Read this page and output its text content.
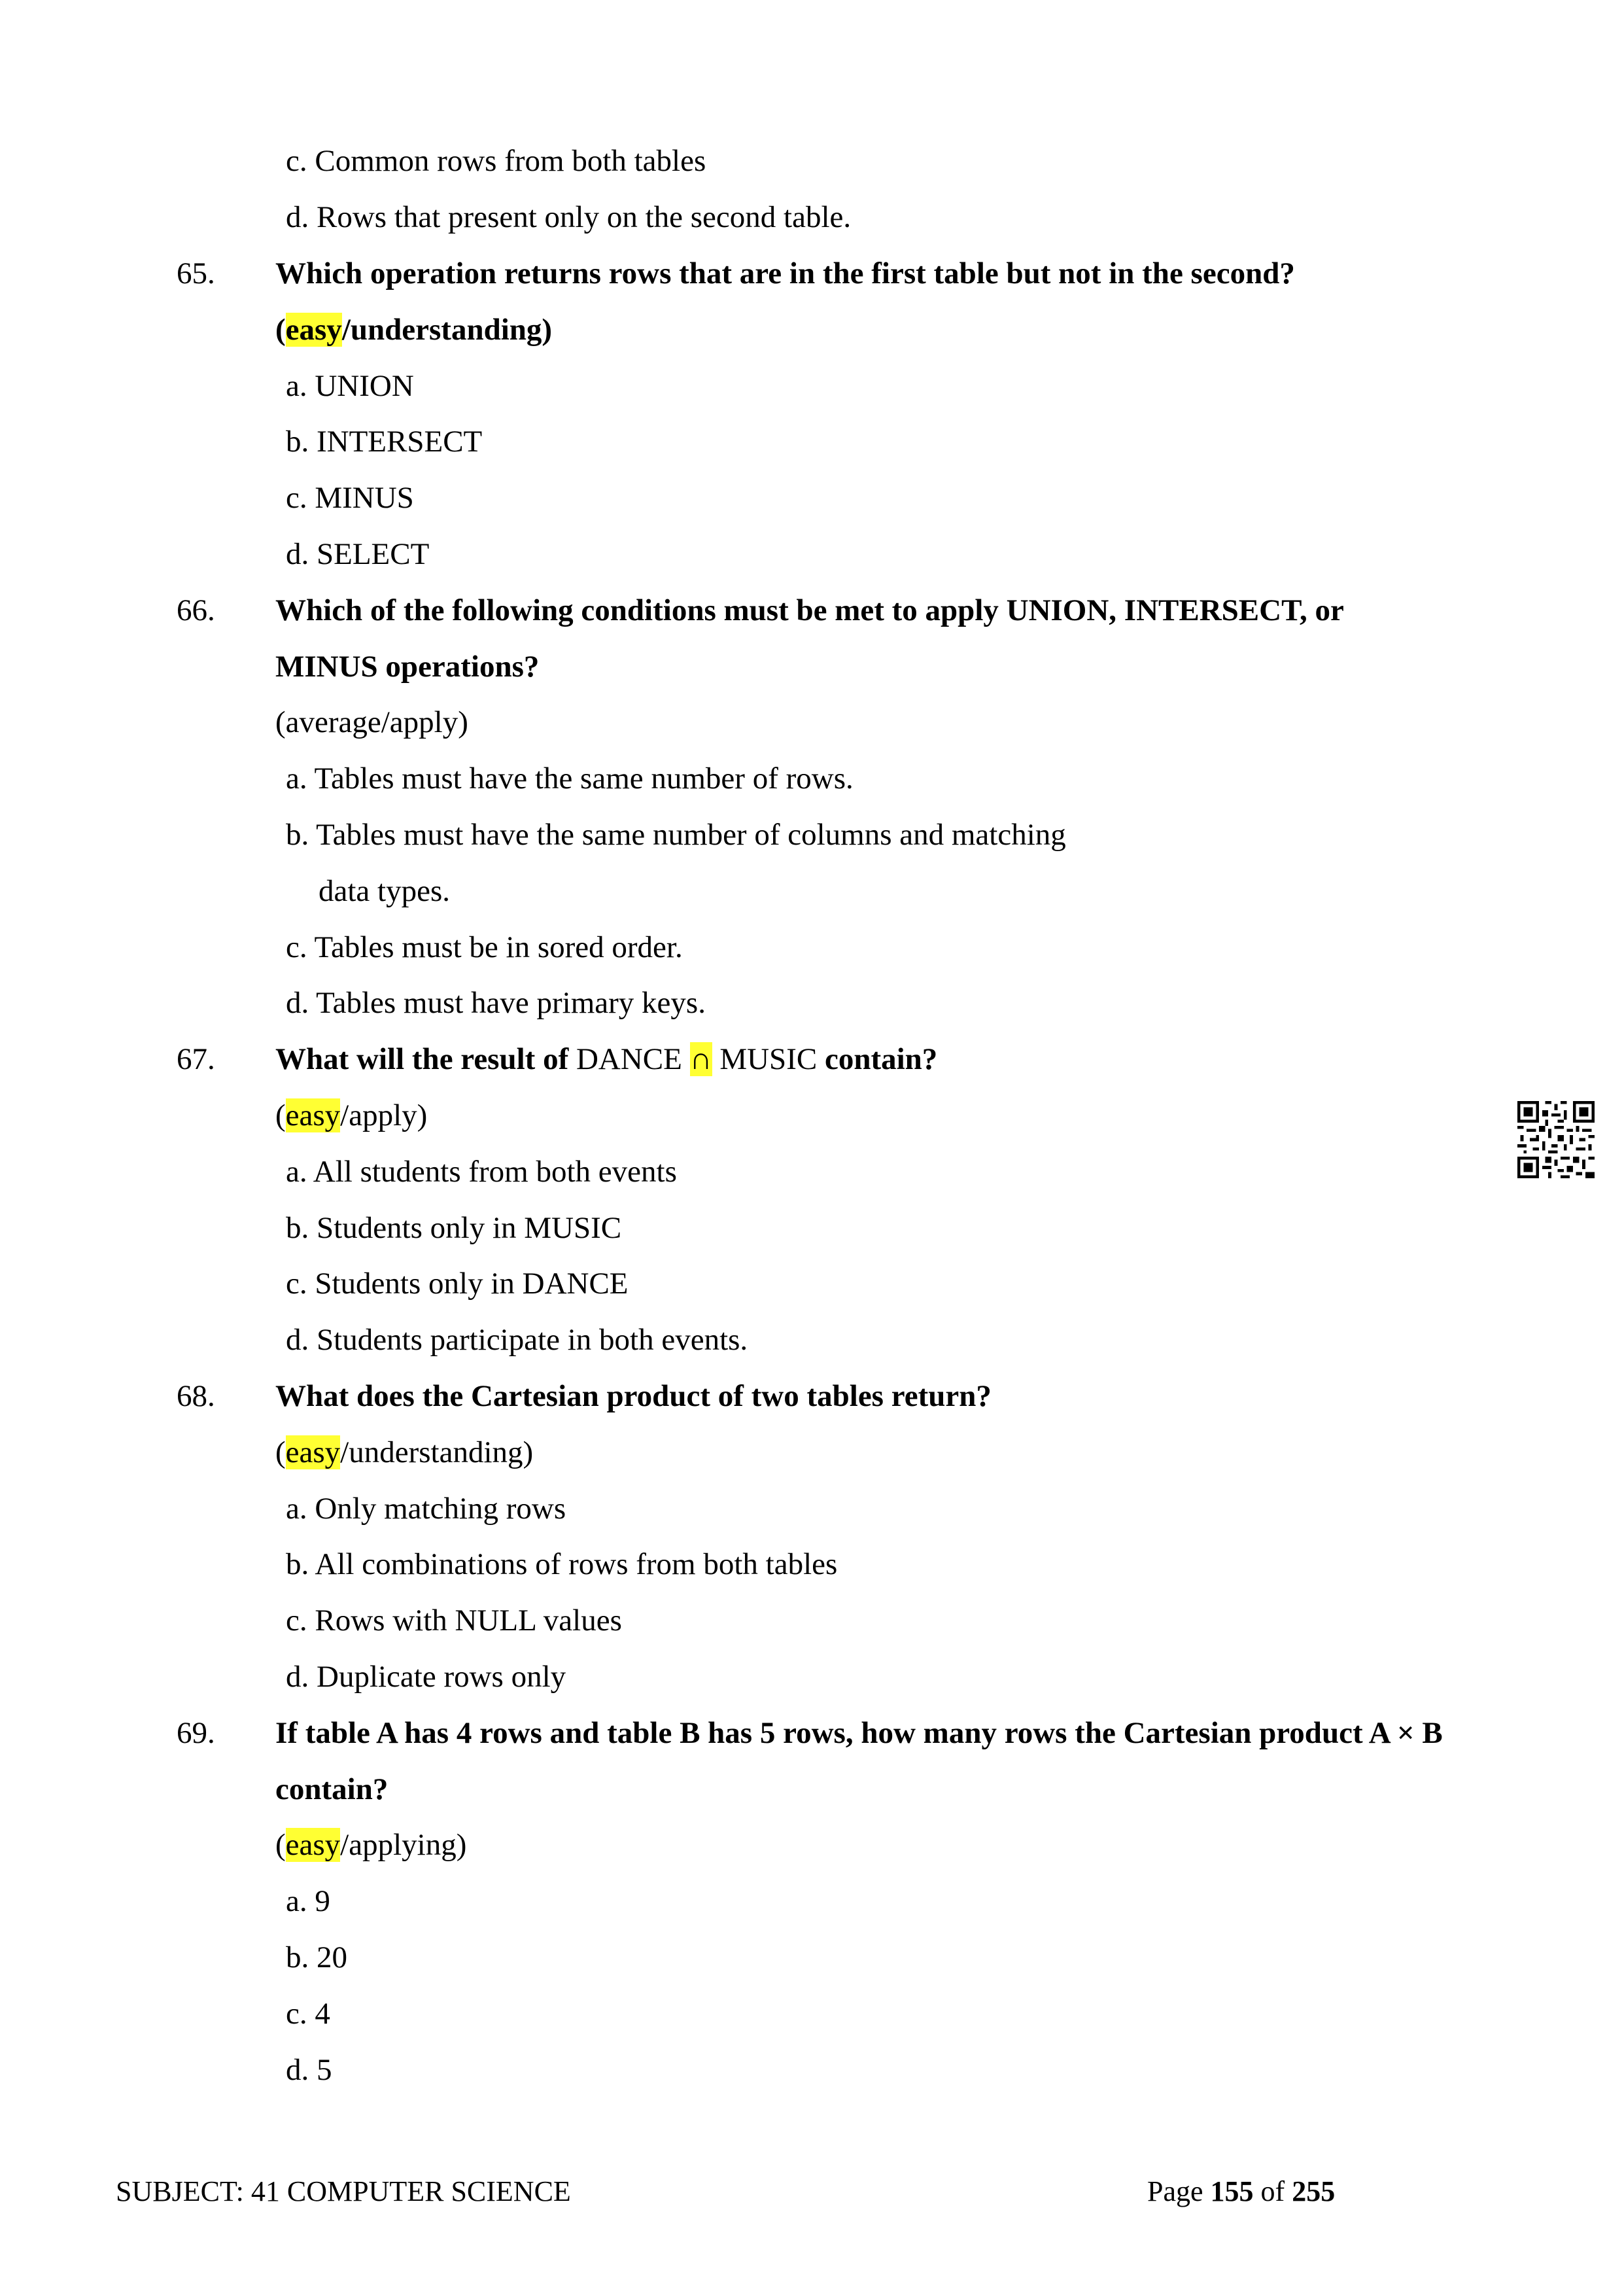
c. Common rows from both tables
d. Rows that present only on the second table.
65.	Which operation returns rows that are in the first table but not in the second?
(easy/understanding)
a. UNION
b. INTERSECT
c. MINUS
d. SELECT
66.	Which of the following conditions must be met to apply UNION, INTERSECT, or
MINUS operations?
(average/apply)
a. Tables must have the same number of rows.
b. Tables must have the same number of columns and matching
data types.
c. Tables must be in sored order.
d. Tables must have primary keys.
67.	What will the result of DANCE ∩ MUSIC contain?
(easy/apply)
a. All students from both events
b. Students only in MUSIC
c. Students only in DANCE
d. Students participate in both events.
68.	What does the Cartesian product of two tables return?
(easy/understanding)
a. Only matching rows
b. All combinations of rows from both tables
c. Rows with NULL values
d. Duplicate rows only
69.	If table A has 4 rows and table B has 5 rows, how many rows the Cartesian product A × B
contain?
(easy/applying)
a. 9
b. 20
c. 4
d. 5
SUBJECT: 41 COMPUTER SCIENCE	Page 155 of 255
